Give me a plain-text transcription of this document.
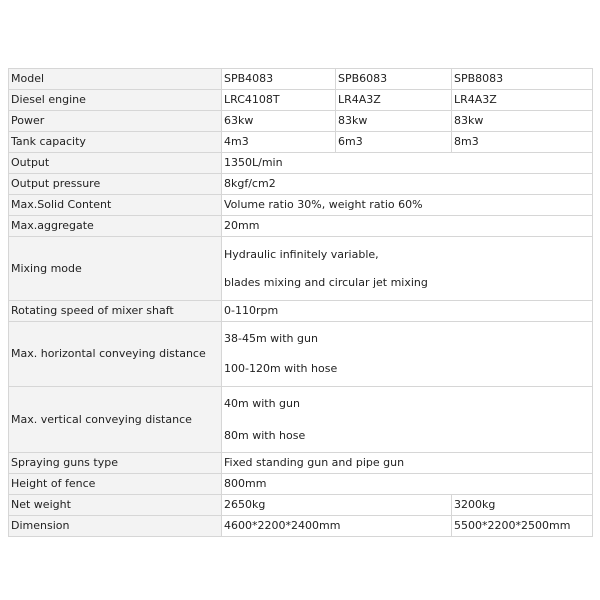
Model	SPB4083	SPB6083	SPB8083
Diesel engine	LRC4108T	LR4A3Z	LR4A3Z
Power	63kw	83kw	83kw
Tank capacity	4m3	6m3	8m3
Output	1350L/min		
Output pressure	8kgf/cm2		
Max.Solid Content	Volume ratio 30%, weight ratio 60%		
Max.aggregate	20mm		
Mixing mode	Hydraulic infinitely variable,
blades mixing and circular jet mixing		

Rotating speed of mixer shaft	0-110rpm		
Max. horizontal conveying distance	38-45m with gun
100-120m with hose		

Max. vertical conveying distance	40m with gun
80m with hose		

Spraying guns type	Fixed standing gun and pipe gun		
Height of fence	800mm		
Net weight	2650kg		3200kg
Dimension	4600*2200*2400mm		5500*2200*2500mm
